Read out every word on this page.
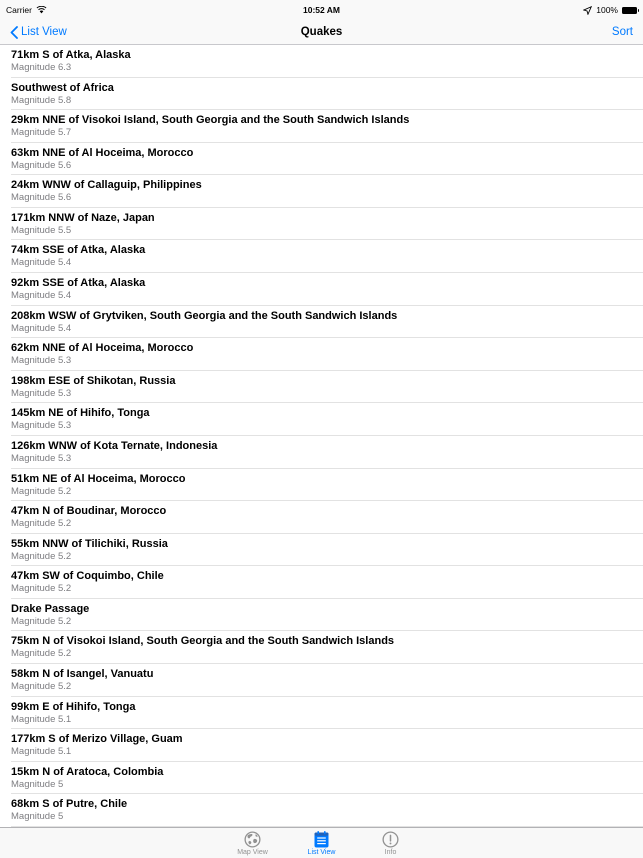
Carrier	10:52 AM	100%
Quakes
List View	Sort
71km S of Atka, Alaska
Magnitude 6.3
Southwest of Africa
Magnitude 5.8
29km NNE of Visokoi Island, South Georgia and the South Sandwich Islands
Magnitude 5.7
63km NNE of Al Hoceima, Morocco
Magnitude 5.6
24km WNW of Callaguip, Philippines
Magnitude 5.6
171km NNW of Naze, Japan
Magnitude 5.5
74km SSE of Atka, Alaska
Magnitude 5.4
92km SSE of Atka, Alaska
Magnitude 5.4
208km WSW of Grytviken, South Georgia and the South Sandwich Islands
Magnitude 5.4
62km NNE of Al Hoceima, Morocco
Magnitude 5.3
198km ESE of Shikotan, Russia
Magnitude 5.3
145km NE of Hihifo, Tonga
Magnitude 5.3
126km WNW of Kota Ternate, Indonesia
Magnitude 5.3
51km NE of Al Hoceima, Morocco
Magnitude 5.2
47km N of Boudinar, Morocco
Magnitude 5.2
55km NNW of Tilichiki, Russia
Magnitude 5.2
47km SW of Coquimbo, Chile
Magnitude 5.2
Drake Passage
Magnitude 5.2
75km N of Visokoi Island, South Georgia and the South Sandwich Islands
Magnitude 5.2
58km N of Isangel, Vanuatu
Magnitude 5.2
99km E of Hihifo, Tonga
Magnitude 5.1
177km S of Merizo Village, Guam
Magnitude 5.1
15km N of Aratoca, Colombia
Magnitude 5
68km S of Putre, Chile
Magnitude 5
Map View	List View	Info
